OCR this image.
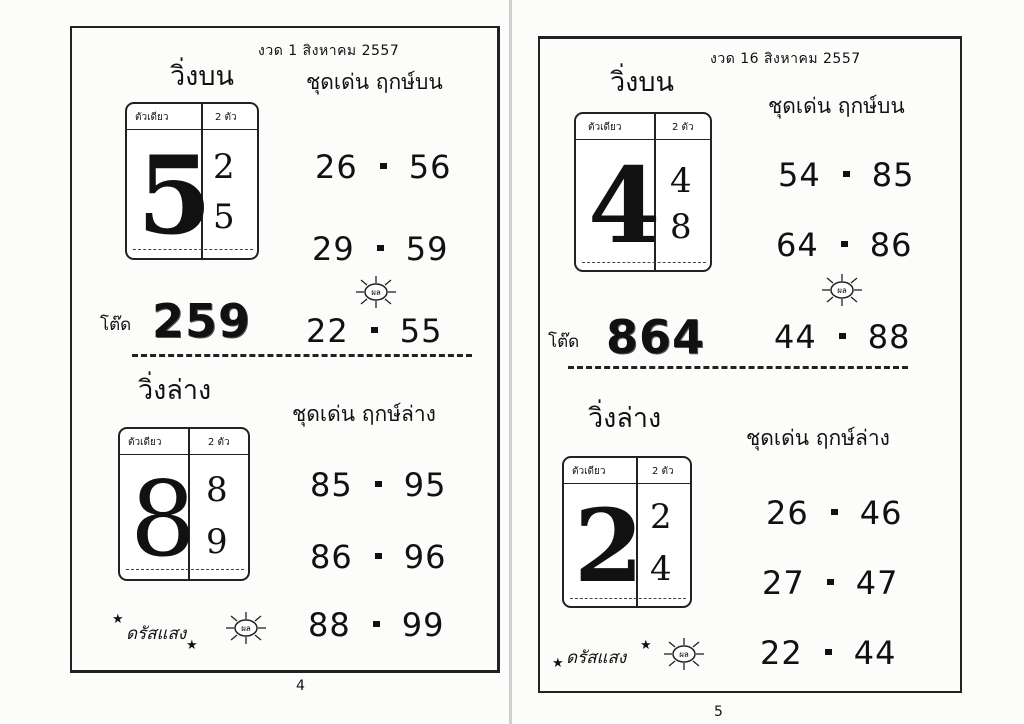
งวด 1 สิงหาคม 2557
วิ่งบน	ชุดเด่น ฤกษ์บน
ตัวเดียว	2 ตัว
5 2
5
26 56
29 59
ผล
โต๊ด 259 22 55
วิ่งล่าง
ชุดเด่น ฤกษ์ล่าง
ตัวเดียว	2 ตัว
8 8
9
85 95
86 96
88 99
★
ดรัสแสง
★
ผล
4
งวด 16 สิงหาคม 2557
วิ่งบน
ชุดเด่น ฤกษ์บน
ตัวเดียว	2 ตัว
4 4
8
54 85
64 86
ผล
โต๊ด 864 44 88
วิ่งล่าง
ชุดเด่น ฤกษ์ล่าง
ตัวเดียว	2 ตัว
2 2
4
26 46
27 47
22 44
★ ดรัสแสง
★
ผล
5
